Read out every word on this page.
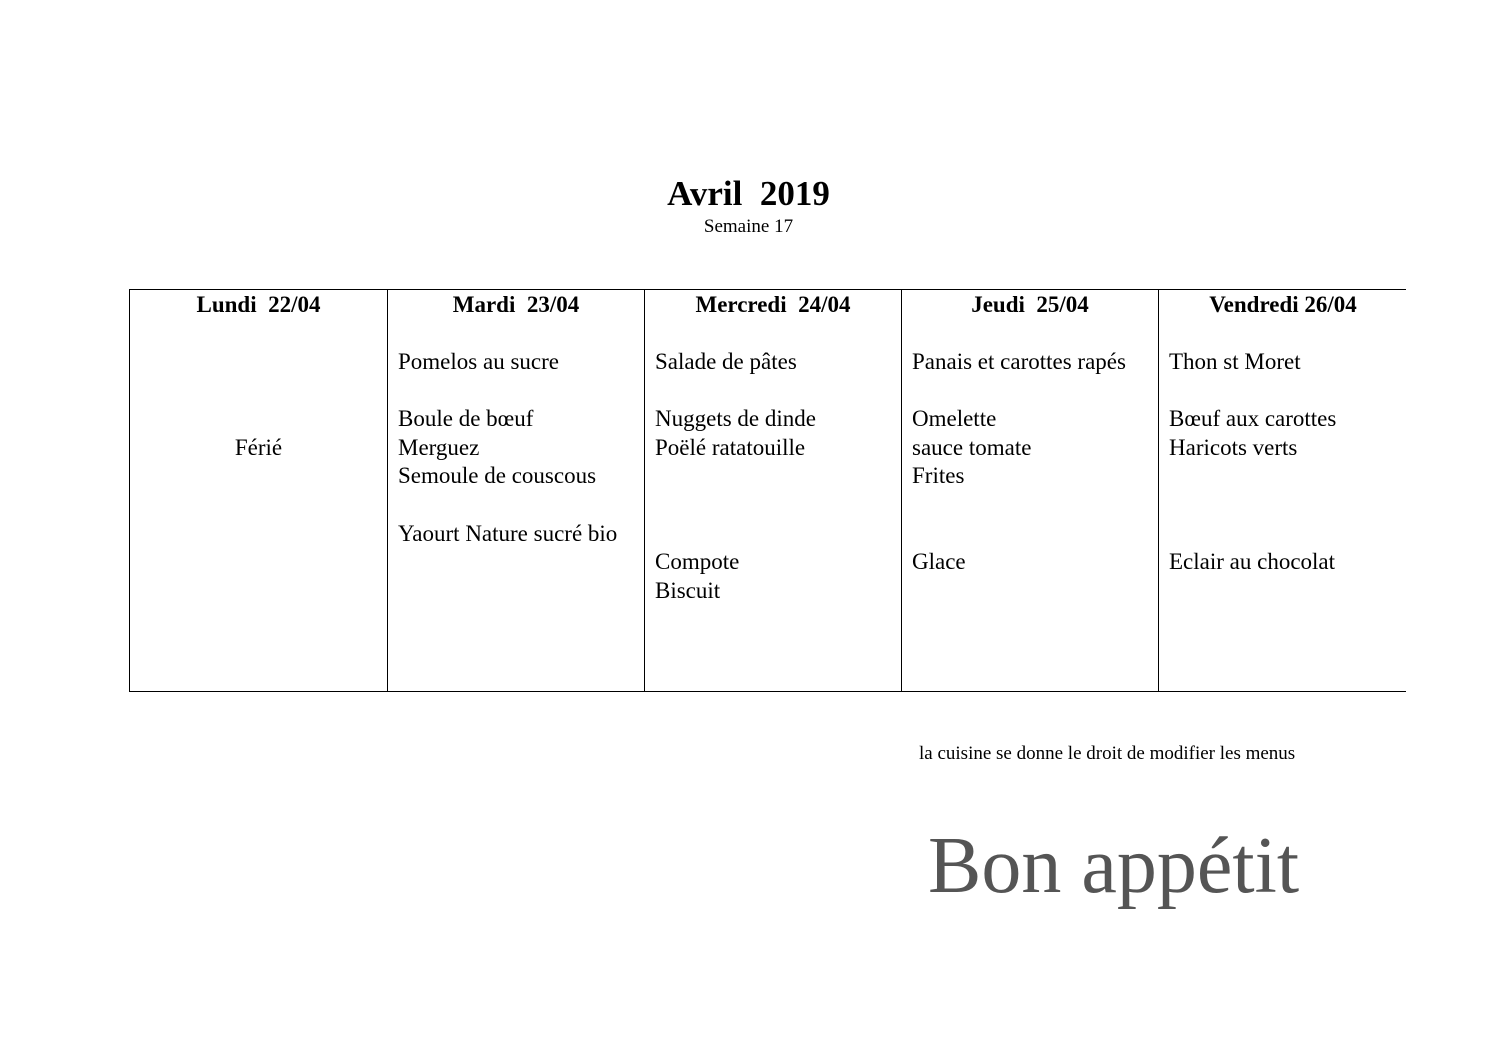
Avril  2019
Semaine 17
Lundi  22/04
Férié
Mardi  23/04
Pomelos au sucre
Boule de bœuf
Merguez
Semoule de couscous
Yaourt Nature sucré bio
Mercredi  24/04
Salade de pâtes
Nuggets de dinde
Poëlé ratatouille
Compote
Biscuit
Jeudi  25/04
Panais et carottes rapés
Omelette
sauce tomate
Frites
Glace
Vendredi 26/04
Thon st Moret
Bœuf aux carottes
Haricots verts
Eclair au chocolat
la cuisine se donne le droit de modifier les menus
Bon appétit
